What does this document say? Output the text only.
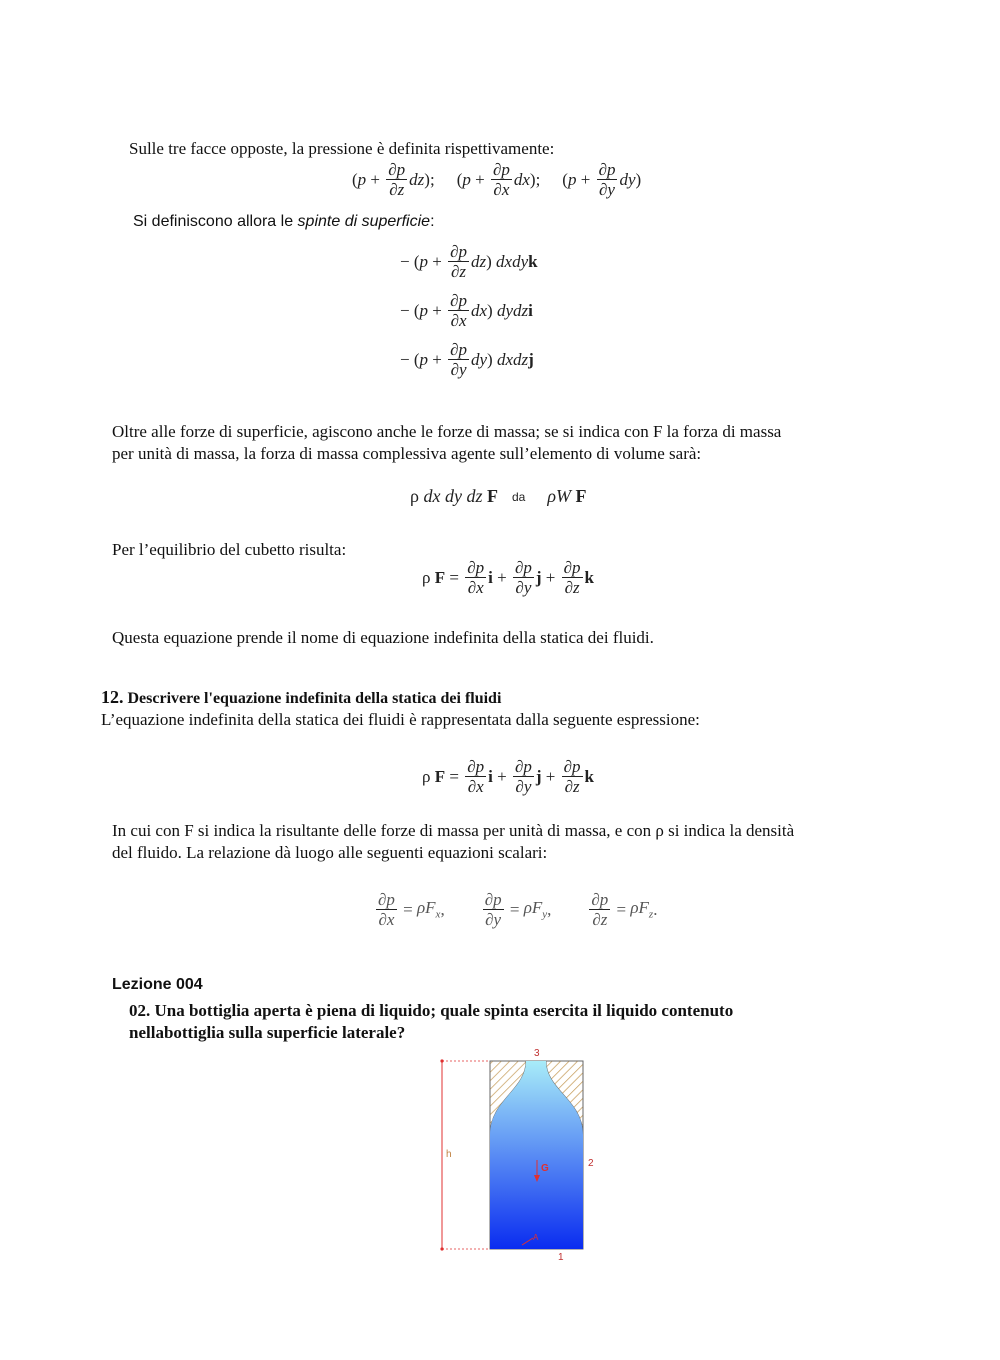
Sulle tre facce opposte, la pressione è definita rispettivamente:
( $p + \frac{\partial p}{\partial z}$ dz );
( $p + \frac{\partial p}{\partial x}$ dx );
( $p + \frac{\partial p}{\partial y}$ dy )
Si definiscono allora le spinte di superficie:
− ( $p + \frac{\partial p}{\partial z}$ dz ) dxdy k
− ( $p + \frac{\partial p}{\partial x}$ dx ) dydz i
− ( $p + \frac{\partial p}{\partial y}$ dy ) dxdz j
Oltre alle forze di superficie, agiscono anche le forze di massa; se si indica con F la forza di massa
per unità di massa, la forza di massa complessiva agente sull’elemento di volume sarà:
ρ dx dy dz
F da ρW
F
Per l’equilibrio del cubetto risulta:
ρ $F = \frac{\partial p}{\partial x}$ $i + \frac{\partial p}{\partial y}$ $j + \frac{\partial p}{\partial z}$ k
Questa equazione prende il nome di equazione indefinita della statica dei fluidi.
12. Descrivere l'equazione indefinita della statica dei fluidi
L’equazione indefinita della statica dei fluidi è rappresentata dalla seguente espressione:
ρ $F = \frac{\partial p}{\partial x}$ $i + \frac{\partial p}{\partial y}$ $j + \frac{\partial p}{\partial z}$ k
In cui con F si indica la risultante delle forze di massa per unità di massa, e con ρ si indica la densità
del fluido. La relazione dà luogo alle seguenti equazioni scalari:
$\frac{\partial p}{\partial x} = \rho F_x$ , $\frac{\partial p}{\partial y} = \rho F_y$ , $\frac{\partial p}{\partial z} = \rho F_z$ .
Lezione 004
02. Una bottiglia aperta è piena di liquido; quale spinta esercita il liquido contenuto
nellabottiglia sulla superficie laterale?
h
G
A
3
2
1
